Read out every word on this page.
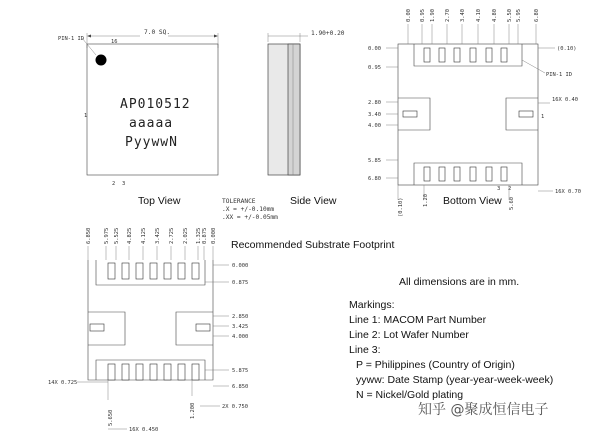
7.0 SQ.
PIN-1 ID	16
1
2 3
AP010512
aaaaa
PyywwN
Top View	TOLERANCE
.X = +/-0.10mm
.XX = +/-0.05mm
1.90+0.20
Side View
0.00 0.95 1.90 2.70 3.40 4.10 4.80 5.50 5.95 6.80
0.00
0.95
2.80
3.40
4.00
5.85
6.80
(0.10)
PIN-1 ID
16X 0.40
1
16X 0.70
3 2
(0.10)	1.20	5.60
Bottom View
Recommended Substrate Footprint
6.850 5.975 5.525 4.825 4.125 3.425 2.725 2.025 1.325 0.875 0.000
0.000
0.875
2.850
3.425
4.000
5.875
6.850
14X 0.725
2X 0.750
16X 0.450
5.650	1.200
All dimensions are in mm.
Markings:
Line 1: MACOM Part Number
Line 2: Lot Wafer Number
Line 3:
P = Philippines (Country of Origin)
yyww: Date Stamp (year-year-week-week)
N = Nickel/Gold plating
知乎 @聚成恒信电子
